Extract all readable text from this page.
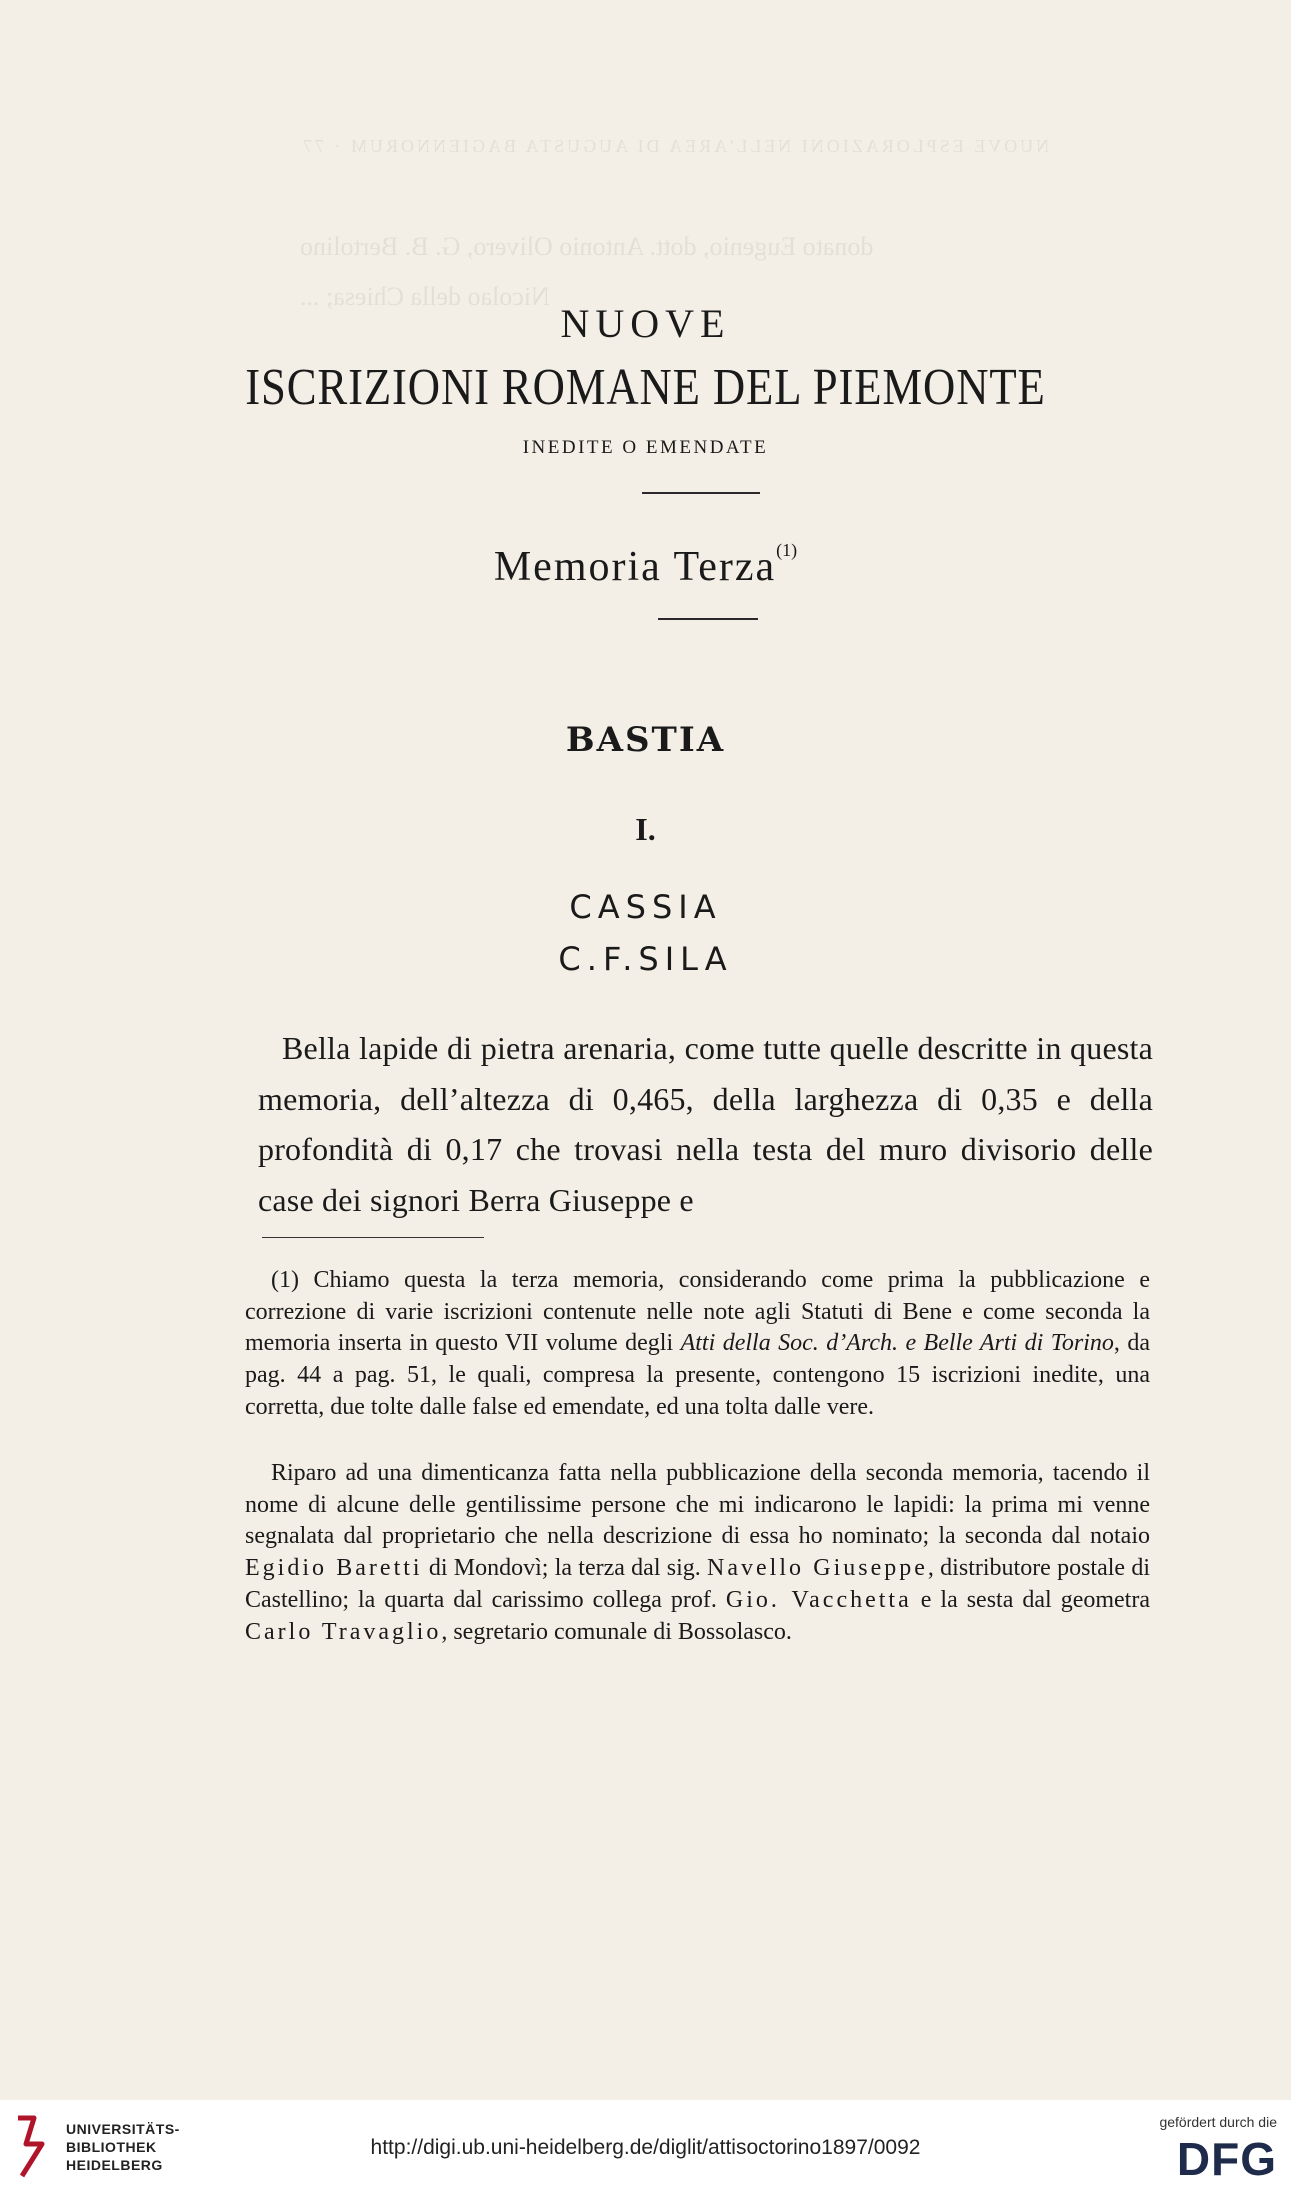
NUOVE ESPLORAZIONI NELL'AREA DI AUGUSTA BAGIENNORUM · 77
donato Eugenio, dott. Antonio Olivero, G. B. Bertolino
Nicolao della Chiesa; ...
NUOVE
ISCRIZIONI ROMANE DEL PIEMONTE
INEDITE O EMENDATE
Memoria Terza$^{(1)}$
BASTIA
I.
CASSIA
C.F.SILA
Bella lapide di pietra arenaria, come tutte quelle descritte in questa memoria, dell’altezza di 0,465, della larghezza di 0,35 e della profondità di 0,17 che trovasi nella testa del muro divisorio delle case dei signori Berra Giuseppe e
(1) Chiamo questa la terza memoria, considerando come prima la pubblicazione e correzione di varie iscrizioni contenute nelle note agli Statuti di Bene e come seconda la memoria inserta in questo VII volume degli Atti della Soc. d’Arch. e Belle Arti di Torino, da pag. 44 a pag. 51, le quali, compresa la presente, contengono 15 iscrizioni inedite, una corretta, due tolte dalle false ed emendate, ed una tolta dalle vere.
Riparo ad una dimenticanza fatta nella pubblicazione della seconda memoria, tacendo il nome di alcune delle gentilissime persone che mi indicarono le lapidi: la prima mi venne segnalata dal proprietario che nella descrizione di essa ho nominato; la seconda dal notaio Egidio Baretti di Mondovì; la terza dal sig. Navello Giuseppe, distributore postale di Castellino; la quarta dal carissimo collega prof. Gio. Vacchetta e la sesta dal geometra Carlo Travaglio, segretario comunale di Bossolasco.
UNIVERSITÄTS-
BIBLIOTHEK
HEIDELBERG
http://digi.ub.uni-heidelberg.de/diglit/attisoctorino1897/0092
gefördert durch die
DFG
